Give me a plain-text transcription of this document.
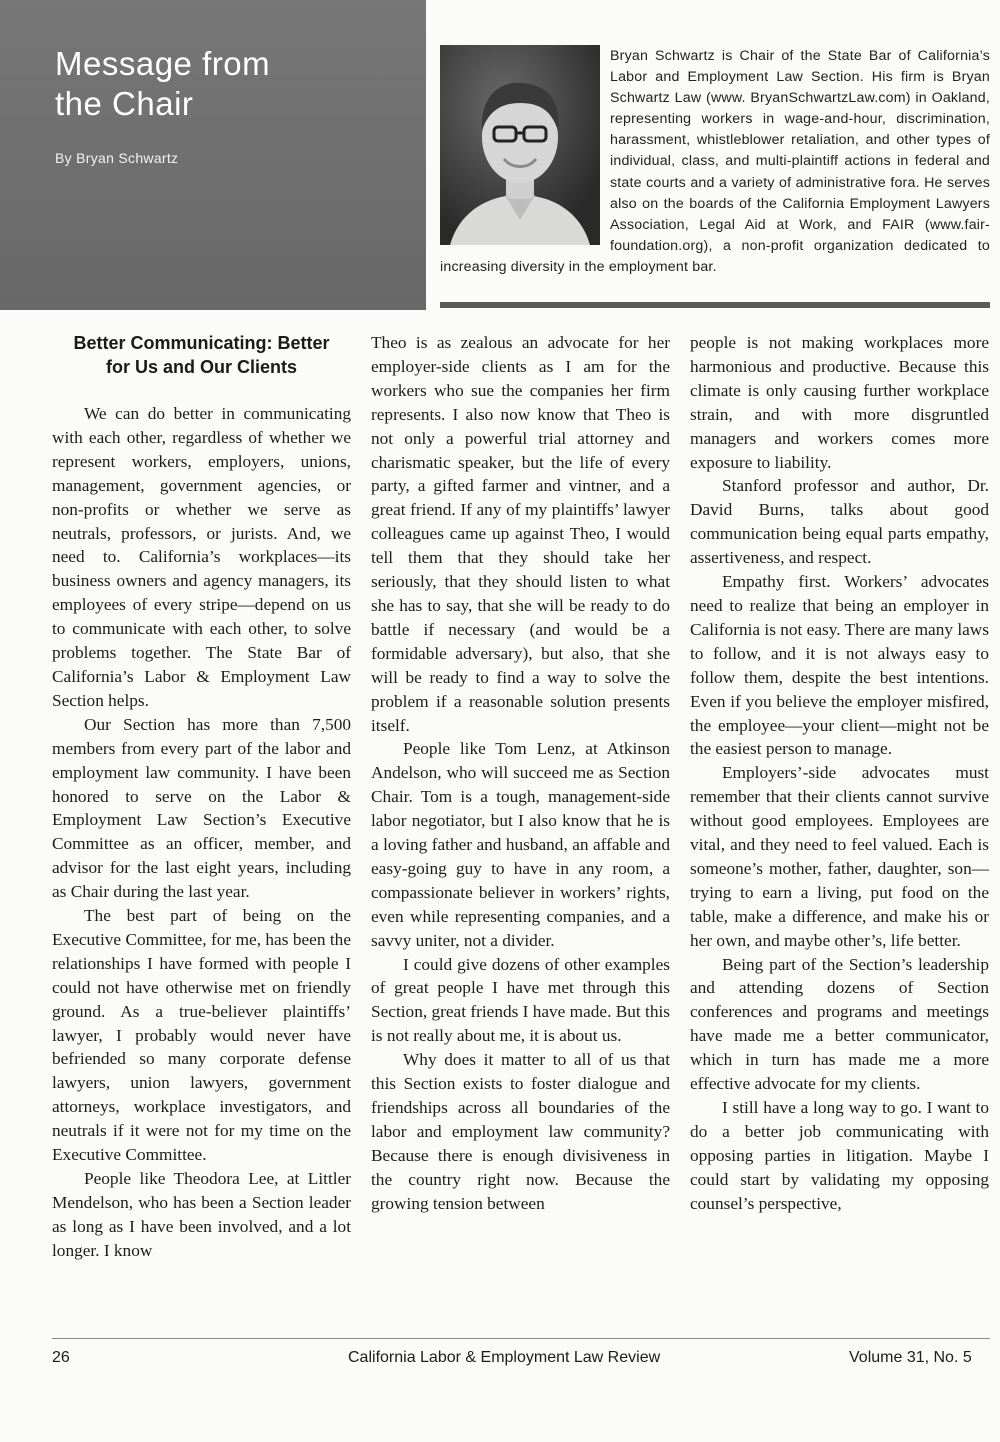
Message from
the Chair
By Bryan Schwartz

Bryan Schwartz is Chair of the State Bar of California’s Labor and Employment Law Section. His firm is Bryan Schwartz Law (www. BryanSchwartzLaw.com) in Oakland, representing workers in wage-and-hour, discrimination, harassment, whistleblower retaliation, and other types of individual, class, and multi-plaintiff actions in federal and state courts and a variety of administrative fora. He serves also on the boards of the California Employment Lawyers Association, Legal Aid at Work, and FAIR (www.fair-foundation.org), a non-profit organization dedicated to increasing diversity in the employment bar.

Better Communicating: Better
for Us and Our Clients

We can do better in communicating with each other, regardless of whether we represent workers, employers, unions, management, government agencies, or non-profits or whether we serve as neutrals, professors, or jurists. And, we need to. California’s workplaces—its business owners and agency managers, its employees of every stripe—depend on us to communicate with each other, to solve problems together. The State Bar of California’s Labor & Employment Law Section helps.

Our Section has more than 7,500 members from every part of the labor and employment law community. I have been honored to serve on the Labor & Employment Law Section’s Executive Committee as an officer, member, and advisor for the last eight years, including as Chair during the last year.

The best part of being on the Executive Committee, for me, has been the relationships I have formed with people I could not have otherwise met on friendly ground. As a true-believer plaintiffs’ lawyer, I probably would never have befriended so many corporate defense lawyers, union lawyers, government attorneys, workplace investigators, and neutrals if it were not for my time on the Executive Committee.

People like Theodora Lee, at Littler Mendelson, who has been a Section leader as long as I have been involved, and a lot longer. I know

Theo is as zealous an advocate for her employer-side clients as I am for the workers who sue the companies her firm represents. I also now know that Theo is not only a powerful trial attorney and charismatic speaker, but the life of every party, a gifted farmer and vintner, and a great friend. If any of my plaintiffs’ lawyer colleagues came up against Theo, I would tell them that they should take her seriously, that they should listen to what she has to say, that she will be ready to do battle if necessary (and would be a formidable adversary), but also, that she will be ready to find a way to solve the problem if a reasonable solution presents itself.

People like Tom Lenz, at Atkinson Andelson, who will succeed me as Section Chair. Tom is a tough, management-side labor negotiator, but I also know that he is a loving father and husband, an affable and easy-going guy to have in any room, a compassionate believer in workers’ rights, even while representing companies, and a savvy uniter, not a divider.

I could give dozens of other examples of great people I have met through this Section, great friends I have made. But this is not really about me, it is about us.

Why does it matter to all of us that this Section exists to foster dialogue and friendships across all boundaries of the labor and employment law community? Because there is enough divisiveness in the country right now. Because the growing tension between

people is not making workplaces more harmonious and productive. Because this climate is only causing further workplace strain, and with more disgruntled managers and workers comes more exposure to liability.

Stanford professor and author, Dr. David Burns, talks about good communication being equal parts empathy, assertiveness, and respect.

Empathy first. Workers’ advocates need to realize that being an employer in California is not easy. There are many laws to follow, and it is not always easy to follow them, despite the best intentions. Even if you believe the employer misfired, the employee—your client—might not be the easiest person to manage.

Employers’-side advocates must remember that their clients cannot survive without good employees. Employees are vital, and they need to feel valued. Each is someone’s mother, father, daughter, son—trying to earn a living, put food on the table, make a difference, and make his or her own, and maybe other’s, life better.

Being part of the Section’s leadership and attending dozens of Section conferences and programs and meetings have made me a better communicator, which in turn has made me a more effective advocate for my clients.

I still have a long way to go. I want to do a better job communicating with opposing parties in litigation. Maybe I could start by validating my opposing counsel’s perspective,

26	California Labor & Employment Law Review	Volume 31, No. 5
